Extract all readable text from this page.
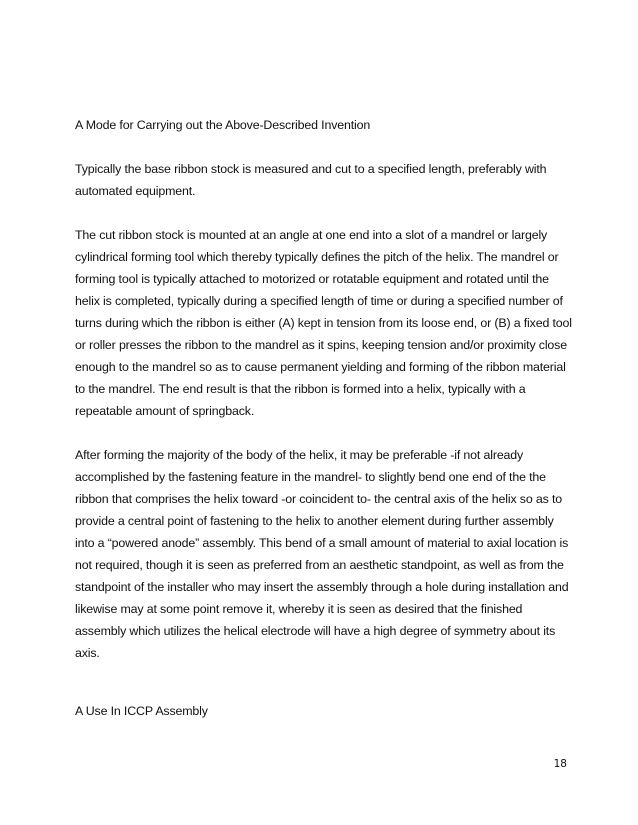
A Mode for Carrying out the Above-Described Invention

Typically the base ribbon stock is measured and cut to a specified length, preferably with automated equipment.

The cut ribbon stock is mounted at an angle at one end into a slot of a mandrel or largely cylindrical forming tool which thereby typically defines the pitch of the helix. The mandrel or forming tool is typically attached to motorized or rotatable equipment and rotated until the helix is completed, typically during a specified length of time or during a specified number of turns during which the ribbon is either (A) kept in tension from its loose end, or (B) a fixed tool or roller presses the ribbon to the mandrel as it spins, keeping tension and/or proximity close enough to the mandrel so as to cause permanent yielding and forming of the ribbon material to the mandrel. The end result is that the ribbon is formed into a helix, typically with a repeatable amount of springback.

After forming the majority of the body of the helix, it may be preferable -if not already accomplished by the fastening feature in the mandrel- to slightly bend one end of the the ribbon that comprises the helix toward -or coincident to- the central axis of the helix so as to provide a central point of fastening to the helix to another element during further assembly into a “powered anode” assembly. This bend of a small amount of material to axial location is not required, though it is seen as preferred from an aesthetic standpoint, as well as from the standpoint of the installer who may insert the assembly through a hole during installation and likewise may at some point remove it, whereby it is seen as desired that the finished assembly which utilizes the helical electrode will have a high degree of symmetry about its axis.

A Use In ICCP Assembly
18
